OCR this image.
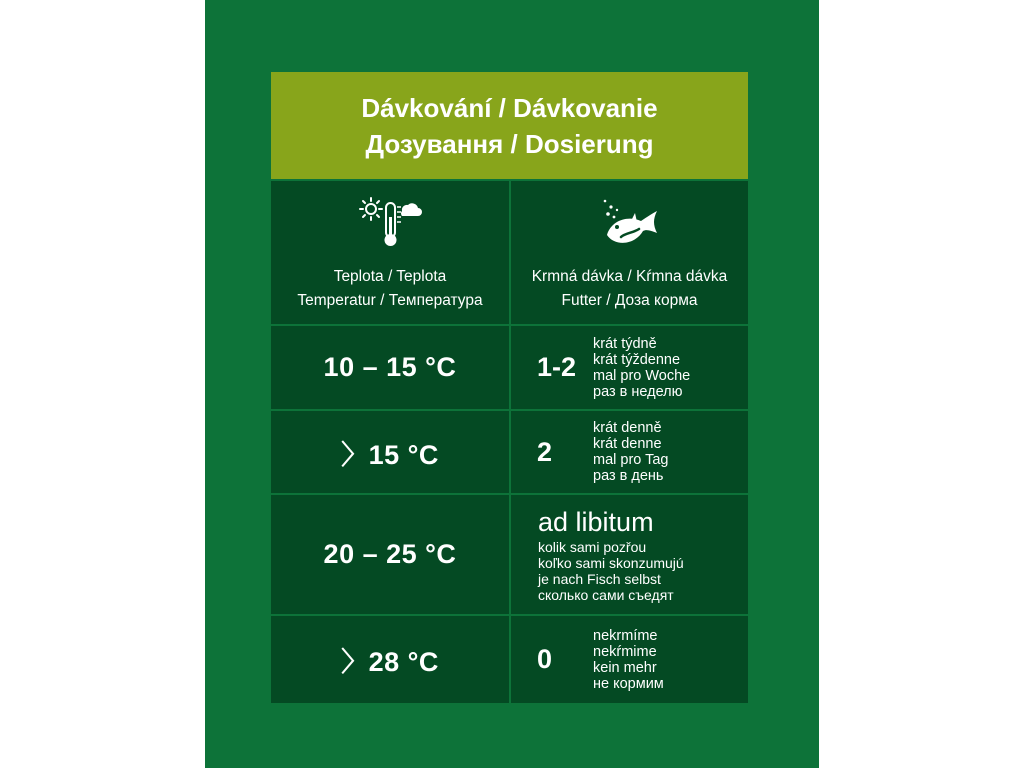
Dávkování / Dávkovanie
Дозування / Dosierung
Teplota / Teplota
Temperatur / Температура
Krmná dávka / Kŕmna dávka
Futter / Доза корма
10 – 15 °C	1-2
krát týdně
krát týždenne
mal pro Woche
раз в неделю
〉15 °C	2
krát denně
krát denne
mal pro Tag
раз в день
20 – 25 °C
ad libitum
kolik sami pozřou
koľko sami skonzumujú
je nach Fisch selbst
сколько сами съедят
〉28 °C	0
nekrmíme
nekŕmime
kein mehr
не кормим
